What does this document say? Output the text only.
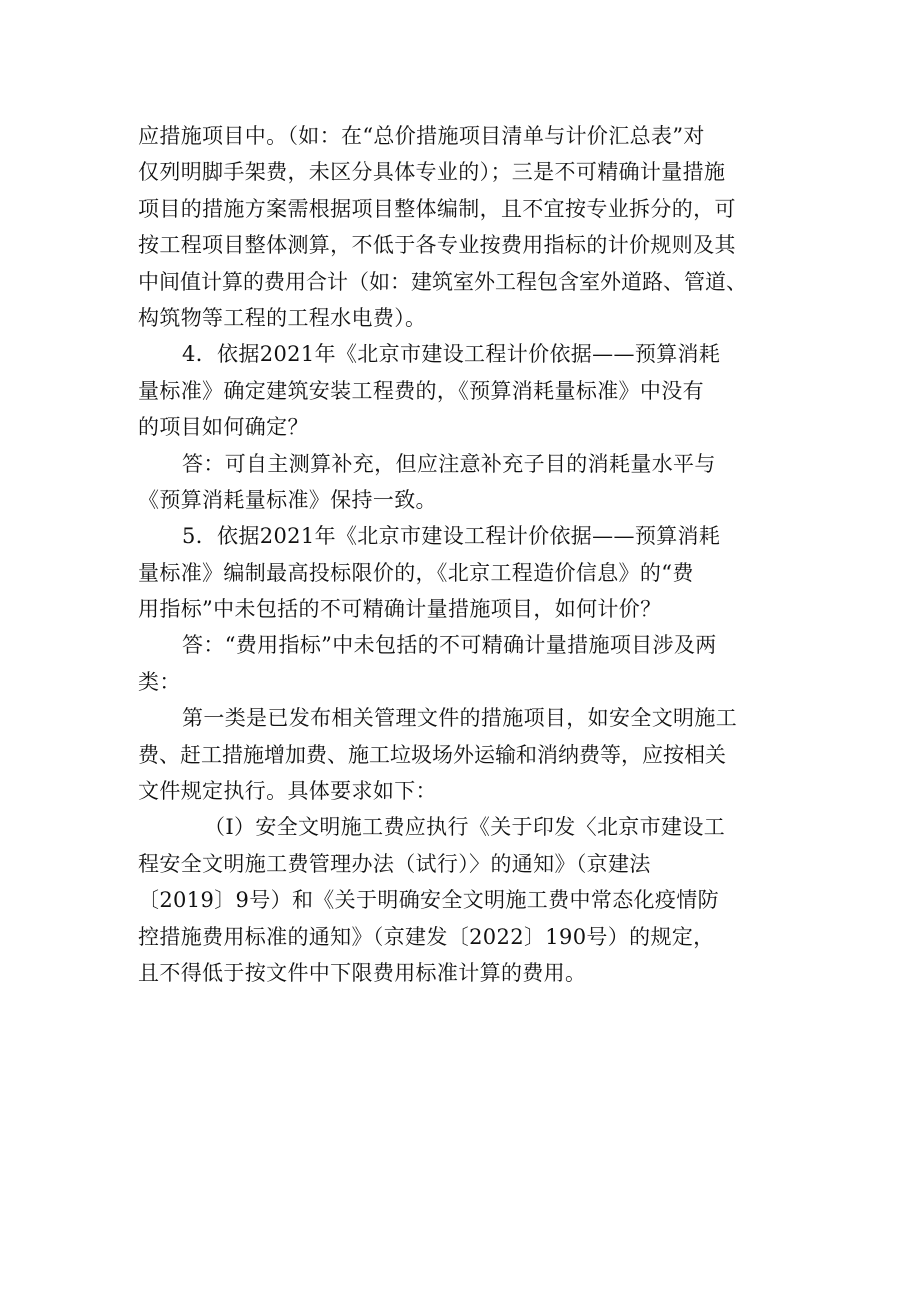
应措施项目中。（如：在“总价措施项目清单与计价汇总表”对
仅列明脚手架费，未区分具体专业的）；三是不可精确计量措施
项目的措施方案需根据项目整体编制，且不宜按专业拆分的，可
按工程项目整体测算，不低于各专业按费用指标的计价规则及其
中间值计算的费用合计（如：建筑室外工程包含室外道路、管道、
构筑物等工程的工程水电费）。
4．依据2021年《北京市建设工程计价依据——预算消耗
量标准》确定建筑安装工程费的，《预算消耗量标准》中没有
的项目如何确定？
答：可自主测算补充，但应注意补充子目的消耗量水平与
《预算消耗量标准》保持一致。
5．依据2021年《北京市建设工程计价依据——预算消耗
量标准》编制最高投标限价的，《北京工程造价信息》的“费
用指标”中未包括的不可精确计量措施项目，如何计价？
答：“费用指标”中未包括的不可精确计量措施项目涉及两
类：
第一类是已发布相关管理文件的措施项目，如安全文明施工
费、赶工措施增加费、施工垃圾场外运输和消纳费等，应按相关
文件规定执行。具体要求如下：
（I）安全文明施工费应执行《关于印发〈北京市建设工
程安全文明施工费管理办法（试行）〉的通知》（京建法
〔2019〕9号）和《关于明确安全文明施工费中常态化疫情防
控措施费用标准的通知》（京建发〔2022〕190号）的规定，
且不得低于按文件中下限费用标准计算的费用。
